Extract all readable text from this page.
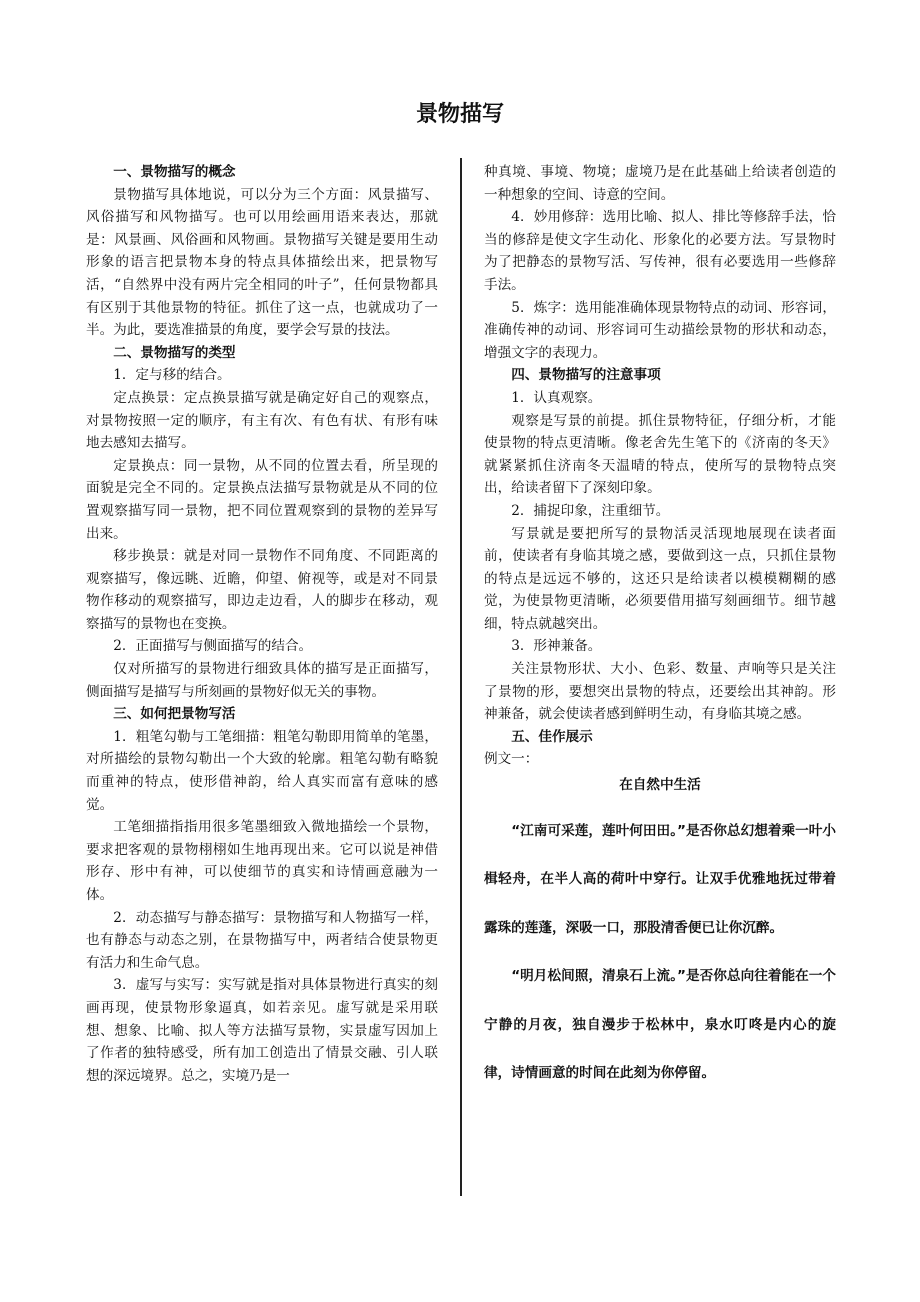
景物描写
一、景物描写的概念

景物描写具体地说，可以分为三个方面：风景描写、风俗描写和风物描写。也可以用绘画用语来表达，那就是：风景画、风俗画和风物画。景物描写关键是要用生动形象的语言把景物本身的特点具体描绘出来，把景物写活，“自然界中没有两片完全相同的叶子”，任何景物都具有区别于其他景物的特征。抓住了这一点，也就成功了一半。为此，要选准描景的角度，要学会写景的技法。

二、景物描写的类型

1．定与移的结合。

定点换景：定点换景描写就是确定好自己的观察点，对景物按照一定的顺序，有主有次、有色有状、有形有味地去感知去描写。

定景换点：同一景物，从不同的位置去看，所呈现的面貌是完全不同的。定景换点法描写景物就是从不同的位置观察描写同一景物，把不同位置观察到的景物的差异写出来。

移步换景：就是对同一景物作不同角度、不同距离的观察描写，像远眺、近瞻，仰望、俯视等，或是对不同景物作移动的观察描写，即边走边看，人的脚步在移动，观察描写的景物也在变换。

2．正面描写与侧面描写的结合。

仅对所描写的景物进行细致具体的描写是正面描写，侧面描写是描写与所刻画的景物好似无关的事物。

三、如何把景物写活

1．粗笔勾勒与工笔细描：粗笔勾勒即用简单的笔墨，对所描绘的景物勾勒出一个大致的轮廓。粗笔勾勒有略貌而重神的特点，使形借神韵，给人真实而富有意味的感觉。

工笔细描指指用很多笔墨细致入微地描绘一个景物，要求把客观的景物栩栩如生地再现出来。它可以说是神借形存、形中有神，可以使细节的真实和诗情画意融为一体。

2．动态描写与静态描写：景物描写和人物描写一样，也有静态与动态之别，在景物描写中，两者结合使景物更有活力和生命气息。

3．虚写与实写：实写就是指对具体景物进行真实的刻画再现，使景物形象逼真，如若亲见。虚写就是采用联想、想象、比喻、拟人等方法描写景物，实景虚写因加上了作者的独特感受，所有加工创造出了情景交融、引人联想的深远境界。总之，实境乃是一

种真境、事境、物境；虚境乃是在此基础上给读者创造的一种想象的空间、诗意的空间。

4．妙用修辞：选用比喻、拟人、排比等修辞手法，恰当的修辞是使文字生动化、形象化的必要方法。写景物时为了把静态的景物写活、写传神，很有必要选用一些修辞手法。

5．炼字：选用能准确体现景物特点的动词、形容词，准确传神的动词、形容词可生动描绘景物的形状和动态，增强文字的表现力。

四、景物描写的注意事项

1．认真观察。

观察是写景的前提。抓住景物特征，仔细分析，才能使景物的特点更清晰。像老舍先生笔下的《济南的冬天》就紧紧抓住济南冬天温晴的特点，使所写的景物特点突出，给读者留下了深刻印象。

2．捕捉印象，注重细节。

写景就是要把所写的景物活灵活现地展现在读者面前，使读者有身临其境之感，要做到这一点，只抓住景物的特点是远远不够的，这还只是给读者以模模糊糊的感觉，为使景物更清晰，必须要借用描写刻画细节。细节越细，特点就越突出。

3．形神兼备。

关注景物形状、大小、色彩、数量、声响等只是关注了景物的形，要想突出景物的特点，还要绘出其神韵。形神兼备，就会使读者感到鲜明生动，有身临其境之感。

五、佳作展示

例文一：

在自然中生活

“江南可采莲，莲叶何田田。”是否你总幻想着乘一叶小楫轻舟，在半人高的荷叶中穿行。让双手优雅地抚过带着露珠的莲蓬，深吸一口，那股清香便已让你沉醉。

“明月松间照，清泉石上流。”是否你总向往着能在一个宁静的月夜，独自漫步于松林中，泉水叮咚是内心的旋律，诗情画意的时间在此刻为你停留。
